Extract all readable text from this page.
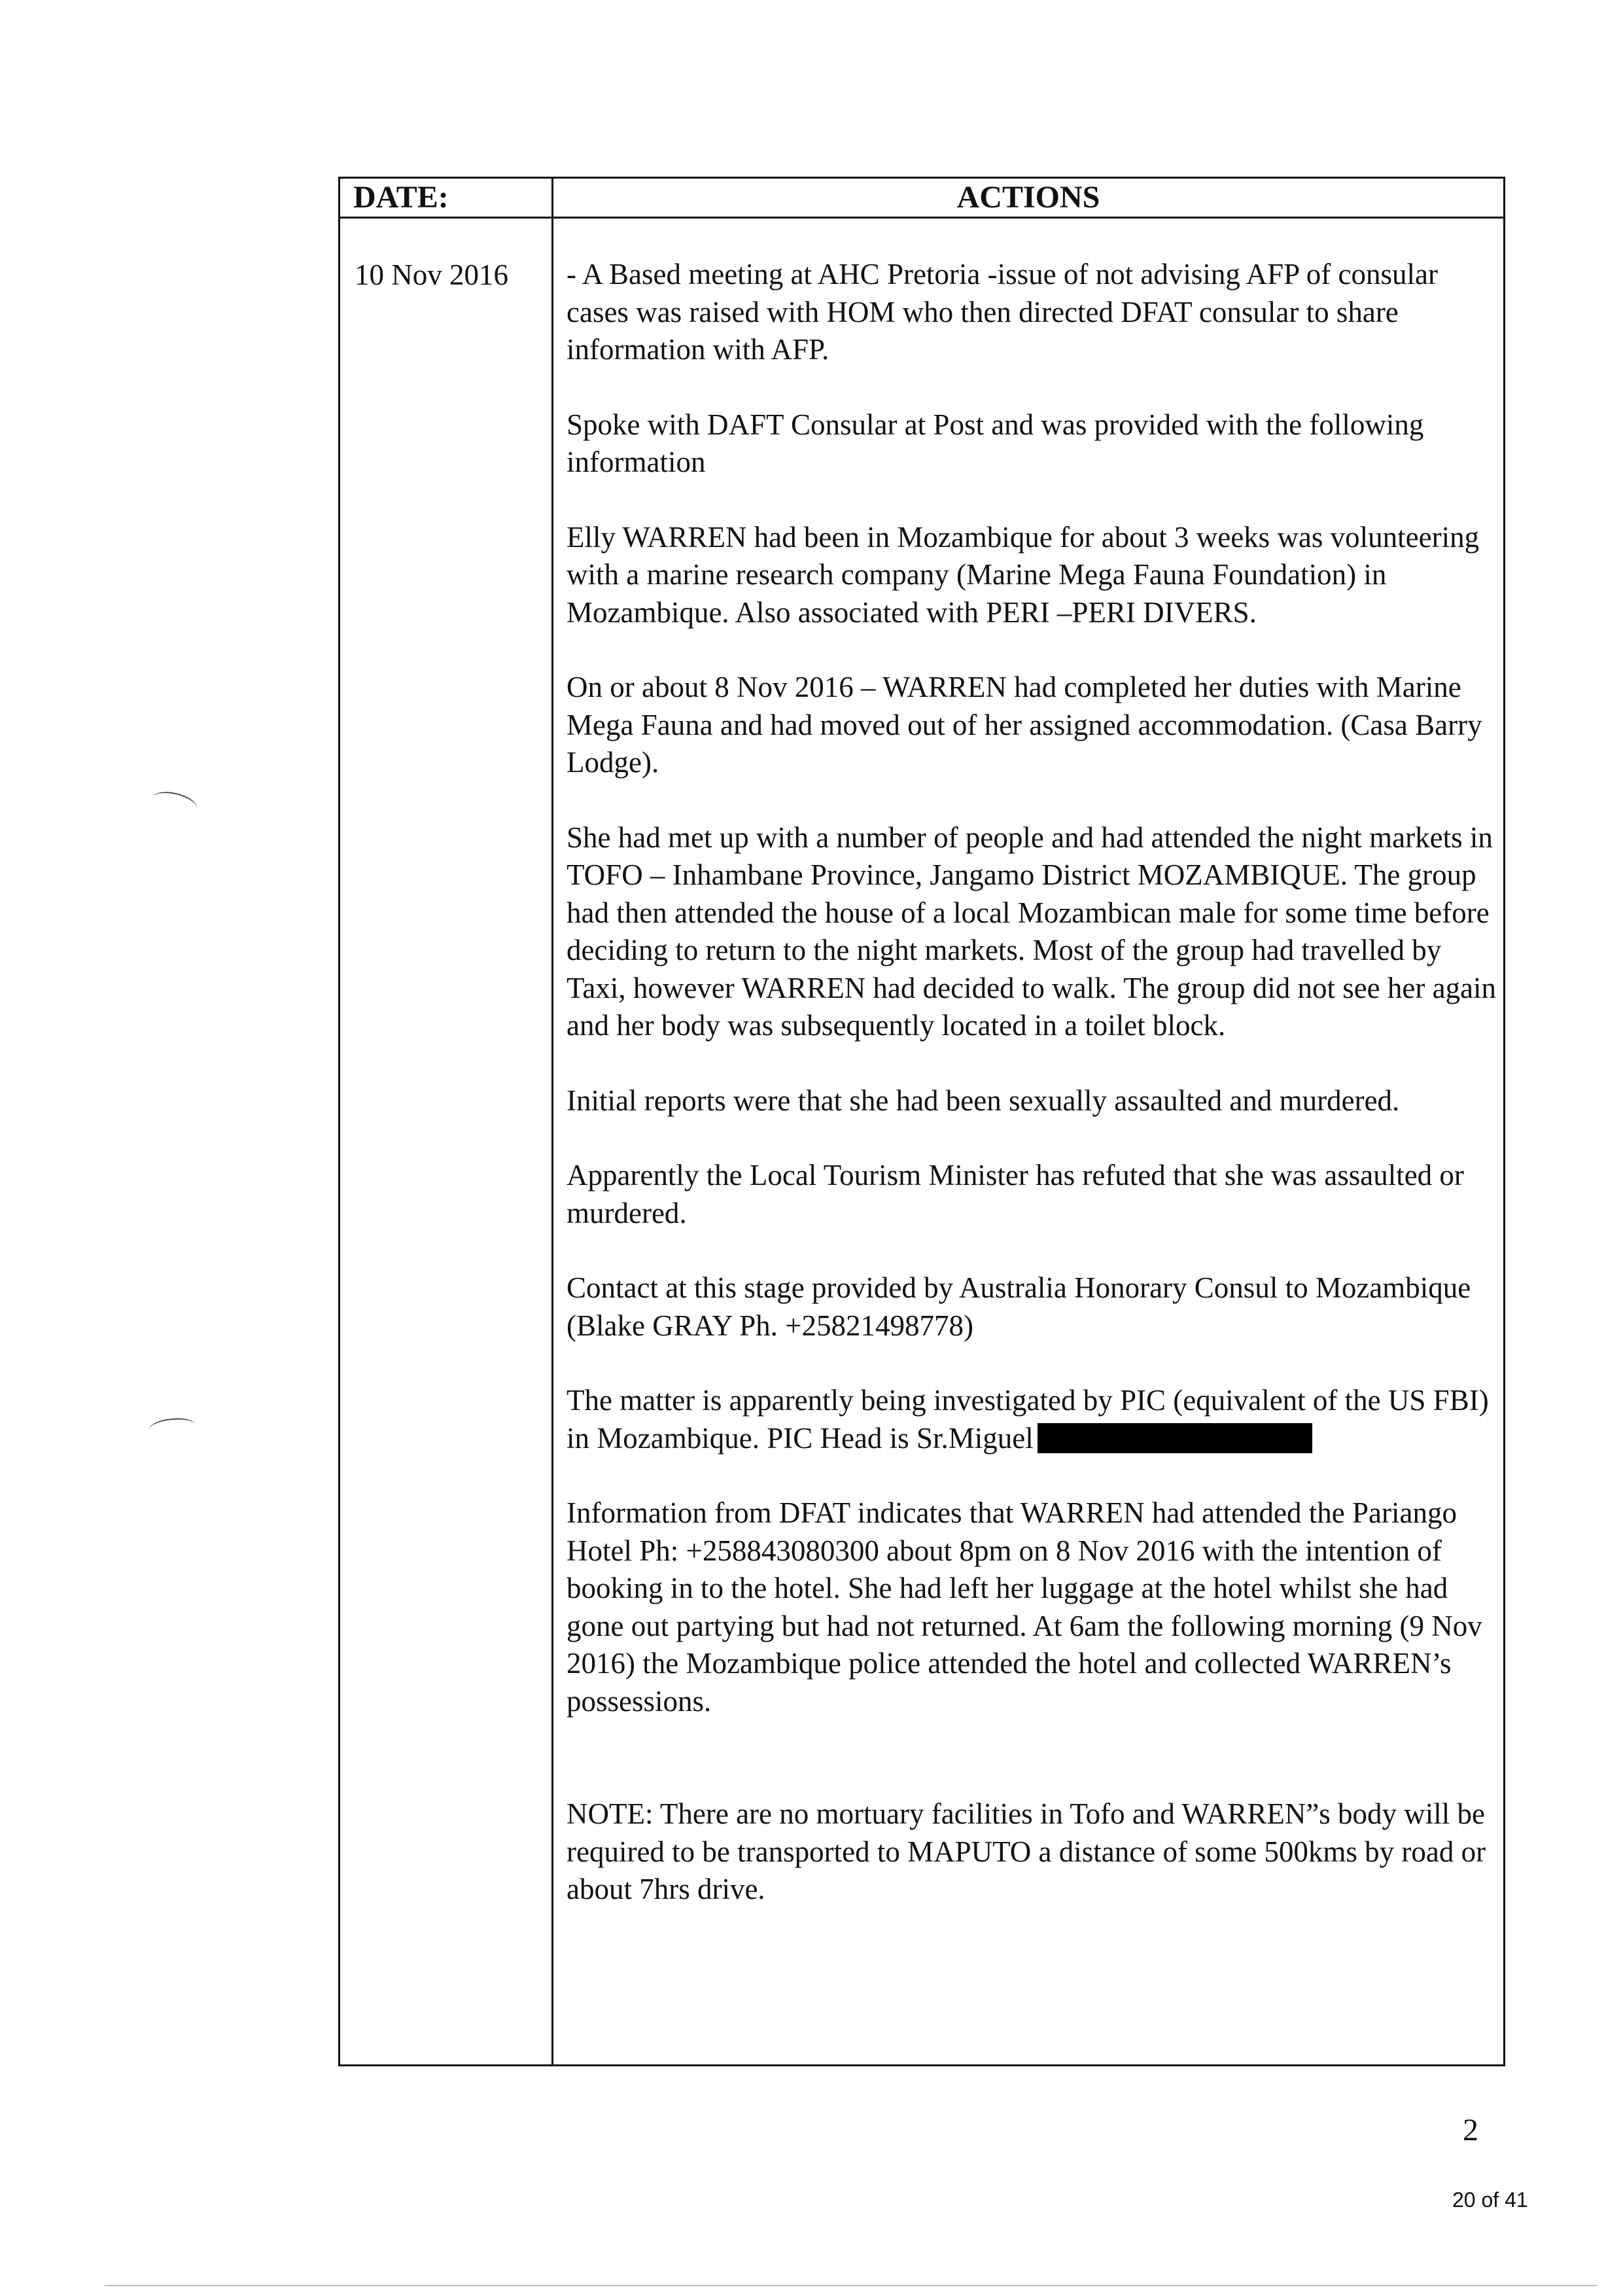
DATE:	ACTIONS
10 Nov 2016 - A Based meeting at AHC Pretoria -issue of not advising AFP of consular cases was raised with HOM who then directed DFAT consular to share information with AFP.

Spoke with DAFT Consular at Post and was provided with the following information

Elly WARREN had been in Mozambique for about 3 weeks was volunteering with a marine research company (Marine Mega Fauna Foundation) in Mozambique. Also associated with PERI –PERI DIVERS.

On or about 8 Nov 2016 – WARREN had completed her duties with Marine Mega Fauna and had moved out of her assigned accommodation. (Casa Barry Lodge).

She had met up with a number of people and had attended the night markets in TOFO – Inhambane Province, Jangamo District MOZAMBIQUE. The group had then attended the house of a local Mozambican male for some time before deciding to return to the night markets. Most of the group had travelled by Taxi, however WARREN had decided to walk. The group did not see her again and her body was subsequently located in a toilet block.

Initial reports were that she had been sexually assaulted and murdered.

Apparently the Local Tourism Minister has refuted that she was assaulted or murdered.

Contact at this stage provided by Australia Honorary Consul to Mozambique (Blake GRAY Ph. +25821498778)

The matter is apparently being investigated by PIC (equivalent of the US FBI) in Mozambique. PIC Head is Sr.Miguel

Information from DFAT indicates that WARREN had attended the Pariango Hotel Ph: +258843080300 about 8pm on 8 Nov 2016 with the intention of booking in to the hotel. She had left her luggage at the hotel whilst she had gone out partying but had not returned. At 6am the following morning (9 Nov 2016) the Mozambique police attended the hotel and collected WARREN’s possessions.

NOTE: There are no mortuary facilities in Tofo and WARREN”s body will be required to be transported to MAPUTO a distance of some 500kms by road or about 7hrs drive.

2
20 of 41
